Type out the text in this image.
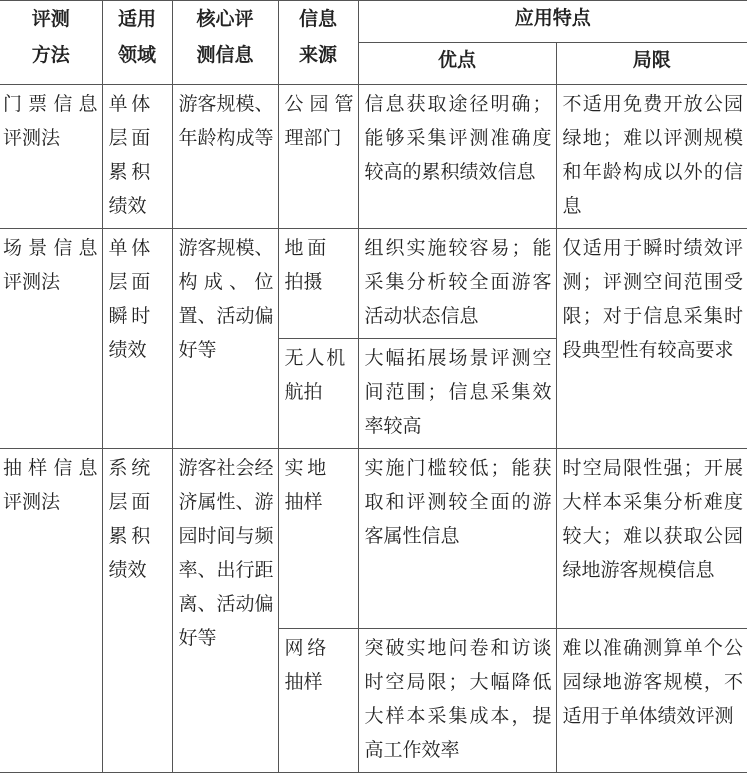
评测方法	适用领域	核心评测信息	信息来源	应用特点	
				优点	局限

门票信息评测法	单体层面累积绩效	游客规模、年龄构成等	公园管理部门	信息获取途径明确；能够采集评测准确度较高的累积绩效信息	不适用免费开放公园绿地；难以评测规模和年龄构成以外的信息

场景信息评测法	单体层面瞬时绩效	游客规模、构成、位置、活动偏好等	地面拍摄	组织实施较容易；能采集分析较全面游客活动状态信息	仅适用于瞬时绩效评测；评测空间范围受限；对于信息采集时段典型性有较高要求

			无人机航拍	大幅拓展场景评测空间范围；信息采集效率较高	

抽样信息评测法	系统层面累积绩效	游客社会经济属性、游园时间与频率、出行距离、活动偏好等	实地抽样	实施门槛较低；能获取和评测较全面的游客属性信息	时空局限性强；开展大样本采集分析难度较大；难以获取公园绿地游客规模信息

			网络抽样	突破实地问卷和访谈时空局限；大幅降低大样本采集成本，提高工作效率	难以准确测算单个公园绿地游客规模，不适用于单体绩效评测
